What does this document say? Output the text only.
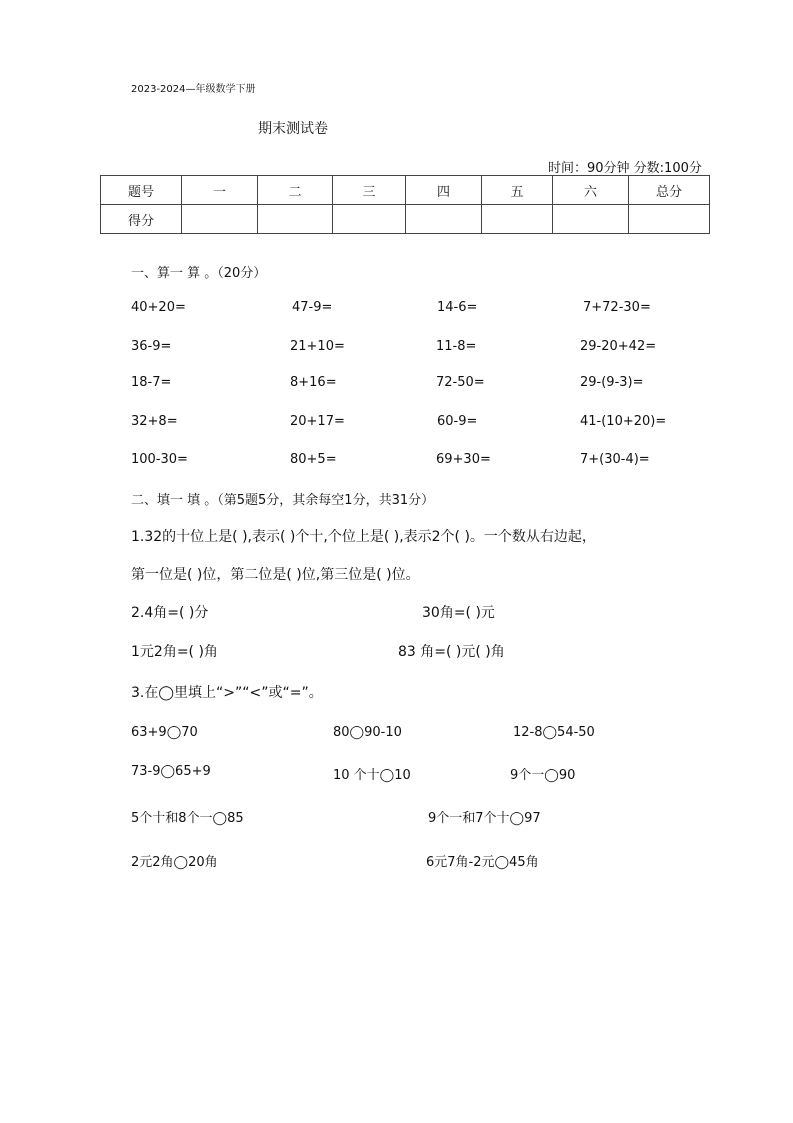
2023-2024—年级数学下册
期末测试卷
时间：90分钟 分数:100分
题号	一	二	三	四	五	六	总分
得分							
一、算一 算 。（20分）
40+20=	47-9=	14-6=	7+72-30=
36-9=	21+10=	11-8=	29-20+42=
18-7=	8+16=	72-50=	29-(9-3)=
32+8=	20+17=	60-9=	41-(10+20)=
100-30=	80+5=	69+30=	7+(30-4)=
二、填一 填 。（第5题5分，其余每空1分，共31分）
1.32的十位上是( ),表示( )个十,个位上是( ),表示2个( )。一个数从右边起，
第一位是( )位，第二位是( )位,第三位是( )位。
2.4角=( )分	30角=( )元
1元2角=( )角	83 角=( )元( )角
3.在◯里填上“>”“<”或“=”。
63+9◯70	80◯90-10	12-8◯54-50
73-9◯65+9	10 个十◯10	9个一◯90
5个十和8个一◯85	9个一和7个十◯97
2元2角◯20角	6元7角-2元◯45角
